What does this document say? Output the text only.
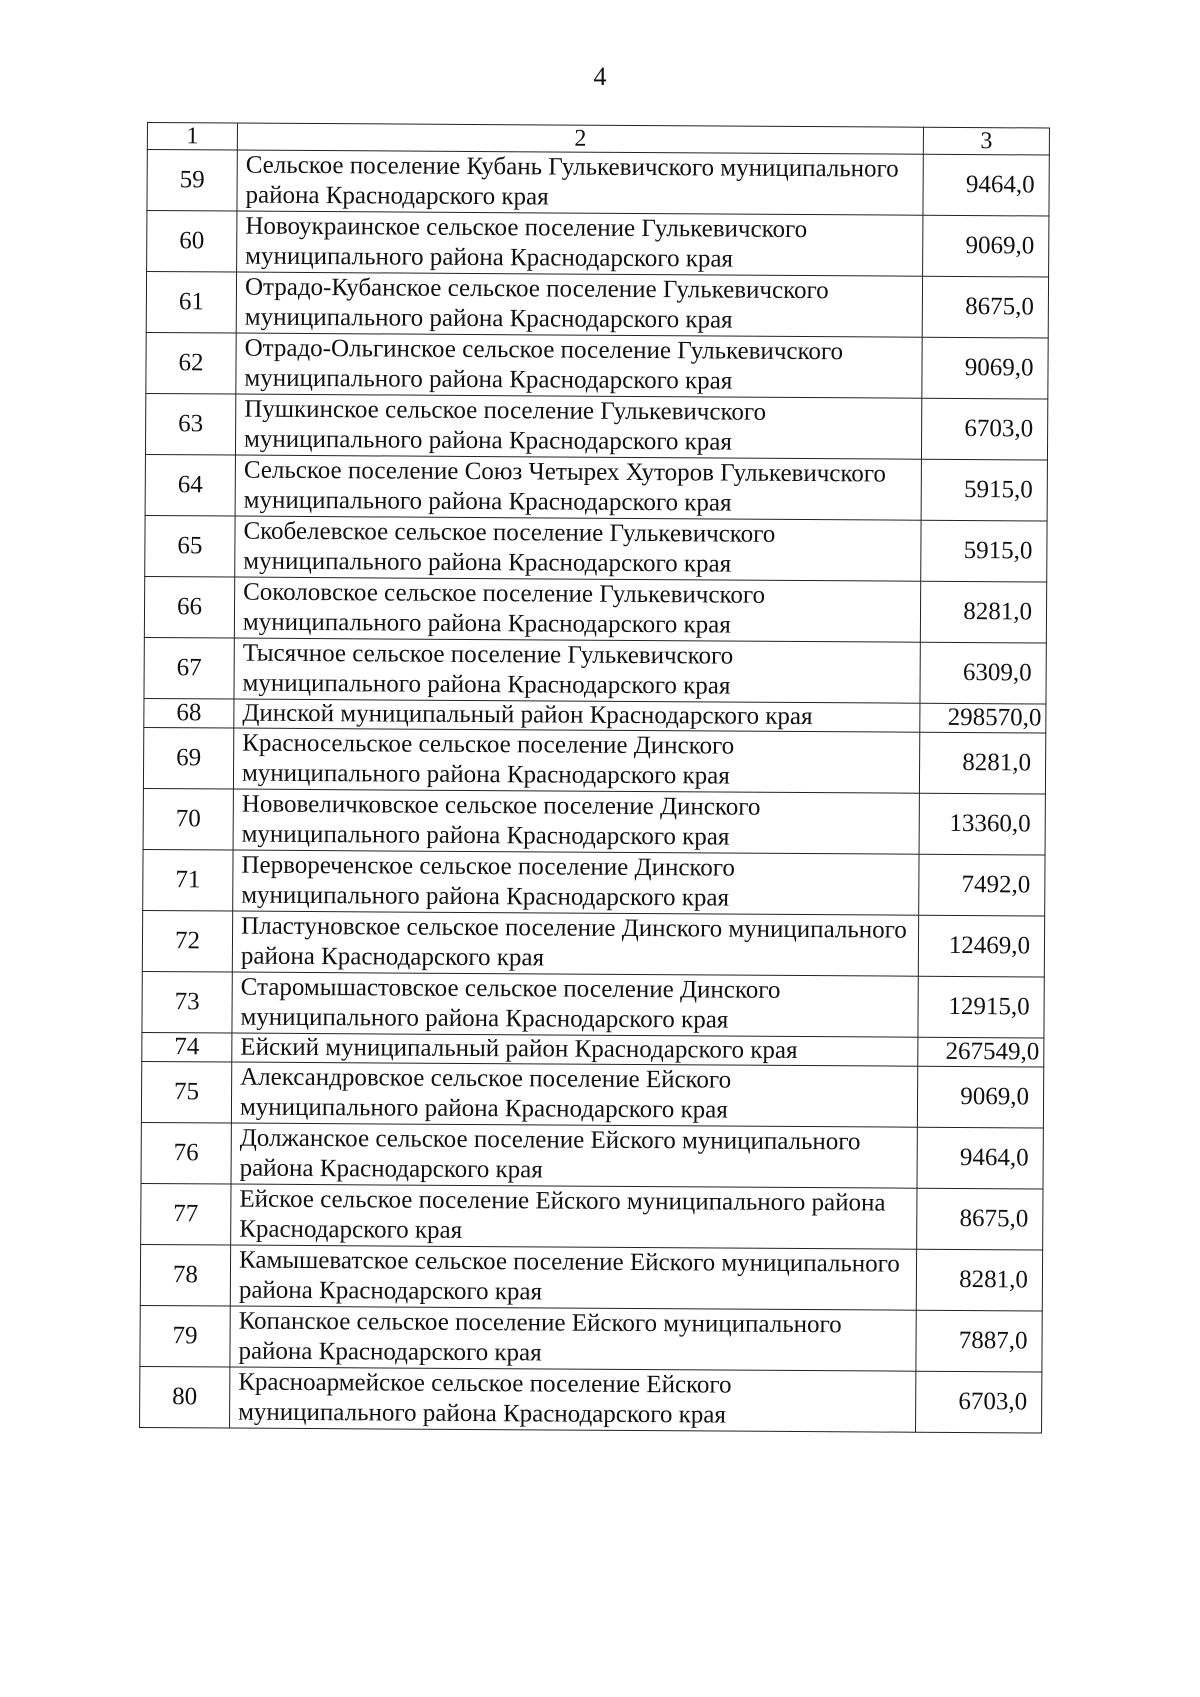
4
1	2	3
59	Сельское поселение Кубань Гулькевичского муниципального района Краснодарского края	9464,0
60	Новоукраинское сельское поселение Гулькевичского муниципального района Краснодарского края	9069,0
61	Отрадо-Кубанское сельское поселение Гулькевичского муниципального района Краснодарского края	8675,0
62	Отрадо-Ольгинское сельское поселение Гулькевичского муниципального района Краснодарского края	9069,0
63	Пушкинское сельское поселение Гулькевичского муниципального района Краснодарского края	6703,0
64	Сельское поселение Союз Четырех Хуторов Гулькевичского муниципального района Краснодарского края	5915,0
65	Скобелевское сельское поселение Гулькевичского муниципального района Краснодарского края	5915,0
66	Соколовское сельское поселение Гулькевичского муниципального района Краснодарского края	8281,0
67	Тысячное сельское поселение Гулькевичского муниципального района Краснодарского края	6309,0
68	Динской муниципальный район Краснодарского края	298570,0
69	Красносельское сельское поселение Динского муниципального района Краснодарского края	8281,0
70	Нововеличковское сельское поселение Динского муниципального района Краснодарского края	13360,0
71	Первореченское сельское поселение Динского муниципального района Краснодарского края	7492,0
72	Пластуновское сельское поселение Динского муниципального района Краснодарского края	12469,0
73	Старомышастовское сельское поселение Динского муниципального района Краснодарского края	12915,0
74	Ейский муниципальный район Краснодарского края	267549,0
75	Александровское сельское поселение Ейского муниципального района Краснодарского края	9069,0
76	Должанское сельское поселение Ейского муниципального района Краснодарского края	9464,0
77	Ейское сельское поселение Ейского муниципального района Краснодарского края	8675,0
78	Камышеватское сельское поселение Ейского муниципального района Краснодарского края	8281,0
79	Копанское сельское поселение Ейского муниципального района Краснодарского края	7887,0
80	Красноармейское сельское поселение Ейского муниципального района Краснодарского края	6703,0
